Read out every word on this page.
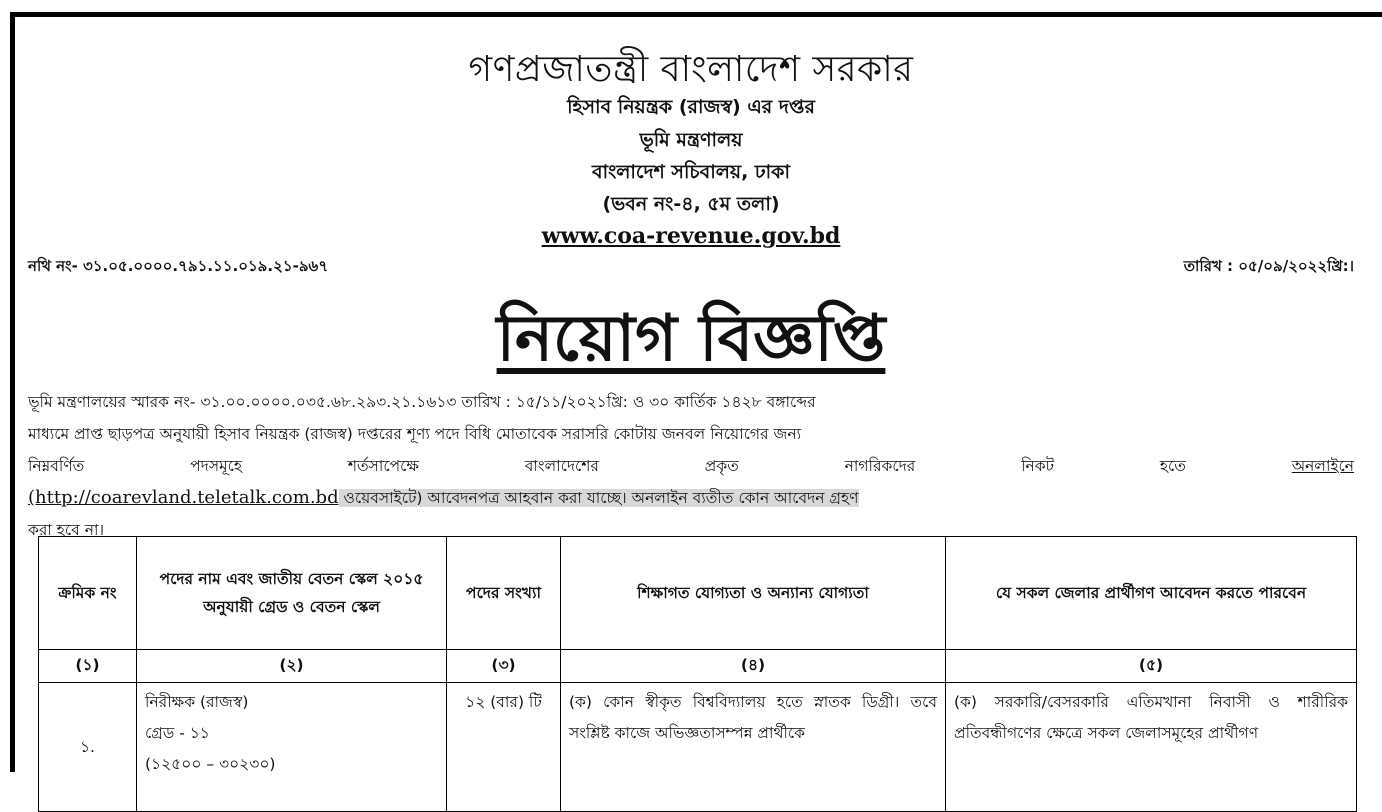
গণপ্রজাতন্ত্রী বাংলাদেশ সরকার
হিসাব নিয়ন্ত্রক (রাজস্ব) এর দপ্তর
ভূমি মন্ত্রণালয়
বাংলাদেশ সচিবালয়, ঢাকা
(ভবন নং-৪, ৫ম তলা)
www.coa-revenue.gov.bd
নথি নং- ৩১.০৫.০০০০.৭৯১.১১.০১৯.২১-৯৬৭	তারিখ : ০৫/০৯/২০২২খ্রি:।
নিয়োগ বিজ্ঞপ্তি
ভূমি মন্ত্রণালয়ের স্মারক নং- ৩১.০০.০০০০.০৩৫.৬৮.২৯৩.২১.১৬১৩ তারিখ : ১৫/১১/২০২১খ্রি: ও ৩০ কার্তিক ১৪২৮ বঙ্গাব্দের
মাধ্যমে প্রাপ্ত ছাড়পত্র অনুযায়ী হিসাব নিয়ন্ত্রক (রাজস্ব) দপ্তরের শূণ্য পদে বিধি মোতাবেক সরাসরি কোটায় জনবল নিয়োগের জন্য
নিম্নবর্ণিত	পদসমূহে	শর্তসাপেক্ষে	বাংলাদেশের	প্রকৃত	নাগরিকদের	নিকট	হতে	অনলাইনে
(http://coarevland.teletalk.com.bd ওয়েবসাইটে) আবেদনপত্র আহবান করা যাচ্ছে। অনলাইন ব্যতীত কোন আবেদন গ্রহণ
করা হবে না।
ক্রমিক নং	পদের নাম এবং জাতীয় বেতন স্কেল ২০১৫ অনুযায়ী গ্রেড ও বেতন স্কেল	পদের সংখ্যা	শিক্ষাগত যোগ্যতা ও অন্যান্য যোগ্যতা	যে সকল জেলার প্রার্থীগণ আবেদন করতে পারবেন
(১)	(২)	(৩)	(৪)	(৫)
১.	নিরীক্ষক (রাজস্ব)
গ্রেড - ১১
(১২৫০০ – ৩০২৩০)	১২ (বার) টি	(ক) কোন স্বীকৃত বিশ্ববিদ্যালয় হতে স্নাতক ডিগ্রী। তবে সংশ্লিষ্ট কাজে অভিজ্ঞতাসম্পন্ন প্রার্থীকে	(ক) সরকারি/বেসরকারি এতিমখানা নিবাসী ও শারীরিক প্রতিবন্ধীগণের ক্ষেত্রে সকল জেলাসমূহের প্রার্থীগণ
